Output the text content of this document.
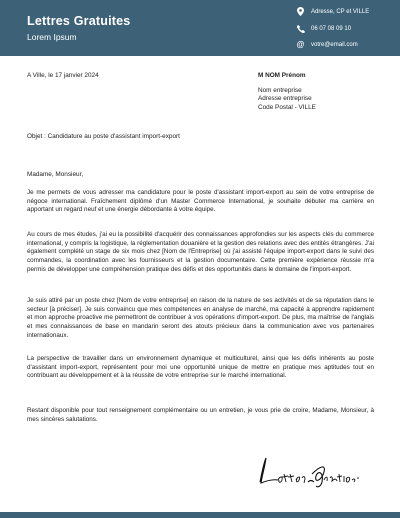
Lettres Gratuites
Lorem Ipsum
Adresse, CP et VILLE
06 07 08 09 10
@ votre@email.com
A Ville, le 17 janvier 2024	M NOM Prénom
Nom entreprise
Adresse entreprise
Code Postal - VILLE
Objet : Candidature au poste d'assistant import-export
Madame, Monsieur,

Je me permets de vous adresser ma candidature pour le poste d'assistant import-export au sein de votre entreprise de négoce international. Fraîchement diplômé d'un Master Commerce International, je souhaite débuter ma carrière en apportant un regard neuf et une énergie débordante à votre équipe.

Au cours de mes études, j'ai eu la possibilité d'acquérir des connaissances approfondies sur les aspects clés du commerce international, y compris la logistique, la réglementation douanière et la gestion des relations avec des entités étrangères. J'ai également complété un stage de six mois chez [Nom de l'Entreprise] où j'ai assisté l'équipe import-export dans le suivi des commandes, la coordination avec les fournisseurs et la gestion documentaire. Cette première expérience réussie m'a permis de développer une compréhension pratique des défis et des opportunités dans le domaine de l'import-export.

Je suis attiré par un poste chez [Nom de votre entreprise] en raison de la nature de ses activités et de sa réputation dans le secteur [à préciser]. Je suis convaincu que mes compétences en analyse de marché, ma capacité à apprendre rapidement et mon approche proactive me permettront de contribuer à vos opérations d'import-export. De plus, ma maîtrise de l'anglais et mes connaissances de base en mandarin seront des atouts précieux dans la communication avec vos partenaires internationaux.

La perspective de travailler dans un environnement dynamique et multiculturel, ainsi que les défis inhérents au poste d'assistant import-export, représentent pour moi une opportunité unique de mettre en pratique mes aptitudes tout en contribuant au développement et à la réussite de votre entreprise sur le marché international.

Restant disponible pour tout renseignement complémentaire ou un entretien, je vous prie de croire, Madame, Monsieur, à mes sincères salutations.
